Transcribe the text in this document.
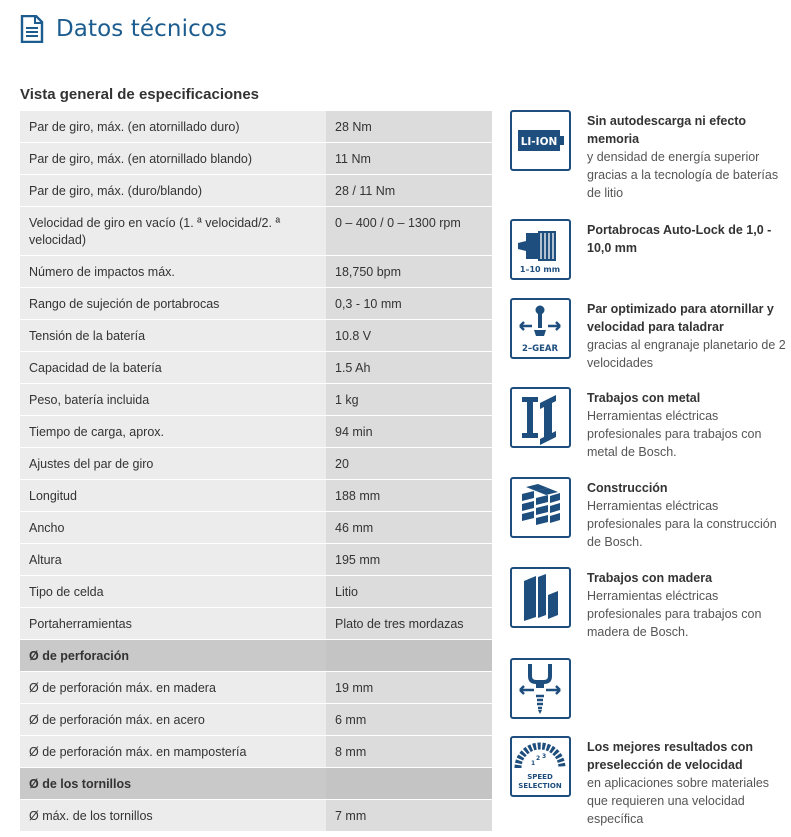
Datos técnicos
Vista general de especificaciones
Par de giro, máx. (en atornillado duro)	28 Nm
Par de giro, máx. (en atornillado blando)	11 Nm
Par de giro, máx. (duro/blando)	28 / 11 Nm
Velocidad de giro en vacío (1. ª velocidad/2. ª velocidad)	0 – 400 / 0 – 1300 rpm
Número de impactos máx.	18,750 bpm
Rango de sujeción de portabrocas	0,3 - 10 mm
Tensión de la batería	10.8 V
Capacidad de la batería	1.5 Ah
Peso, batería incluida	1 kg
Tiempo de carga, aprox.	94 min
Ajustes del par de giro	20
Longitud	188 mm
Ancho	46 mm
Altura	195 mm
Tipo de celda	Litio
Portaherramientas	Plato de tres mordazas
Ø de perforación	
Ø de perforación máx. en madera	19 mm
Ø de perforación máx. en acero	6 mm
Ø de perforación máx. en mampostería	8 mm
Ø de los tornillos	
Ø máx. de los tornillos	7 mm
LI-ION
Sin autodescarga ni efecto memoria
y densidad de energía superior gracias a la tecnología de baterías de litio
1–10 mm
Portabrocas Auto-Lock de 1,0 - 10,0 mm
2–GEAR
Par optimizado para atornillar y velocidad para taladrar
gracias al engranaje planetario de 2 velocidades
Trabajos con metal
Herramientas eléctricas profesionales para trabajos con metal de Bosch.
Construcción
Herramientas eléctricas profesionales para la construcción de Bosch.
Trabajos con madera
Herramientas eléctricas profesionales para trabajos con madera de Bosch.
1
2 3
SPEED
SELECTION
Los mejores resultados con preselección de velocidad
en aplicaciones sobre materiales que requieren una velocidad específica
